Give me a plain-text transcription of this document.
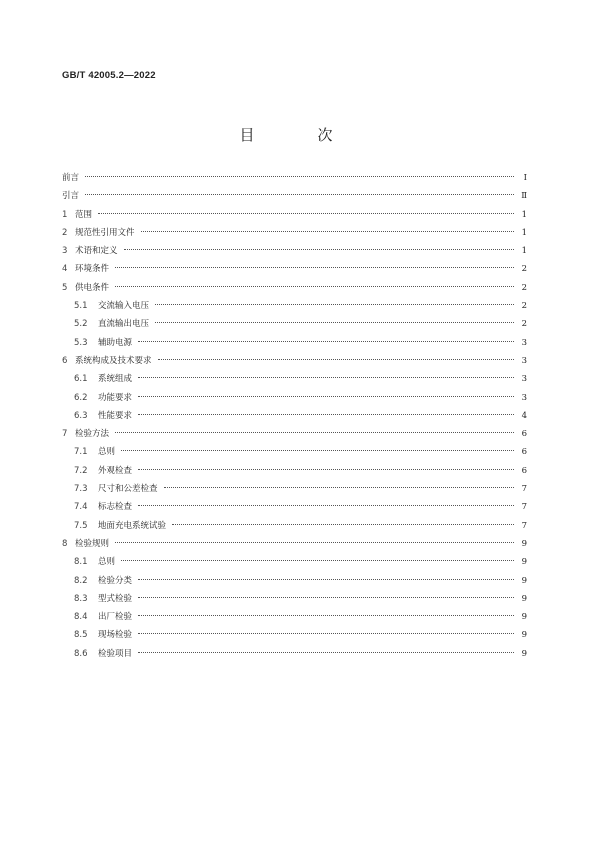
GB/T 42005.2—2022
目　次
前言	Ⅰ
引言	Ⅱ
1 范围	1
2 规范性引用文件	1
3 术语和定义	1
4 环境条件	2
5 供电条件	2
5.1	交流输入电压	2
5.2	直流输出电压	2
5.3	辅助电源	3
6 系统构成及技术要求	3
6.1	系统组成	3
6.2	功能要求	3
6.3	性能要求	4
7 检验方法	6
7.1	总则	6
7.2	外观检查	6
7.3	尺寸和公差检查	7
7.4	标志检查	7
7.5	地面充电系统试验	7
8 检验规则	9
8.1	总则	9
8.2	检验分类	9
8.3	型式检验	9
8.4	出厂检验	9
8.5	现场检验	9
8.6	检验项目	9
